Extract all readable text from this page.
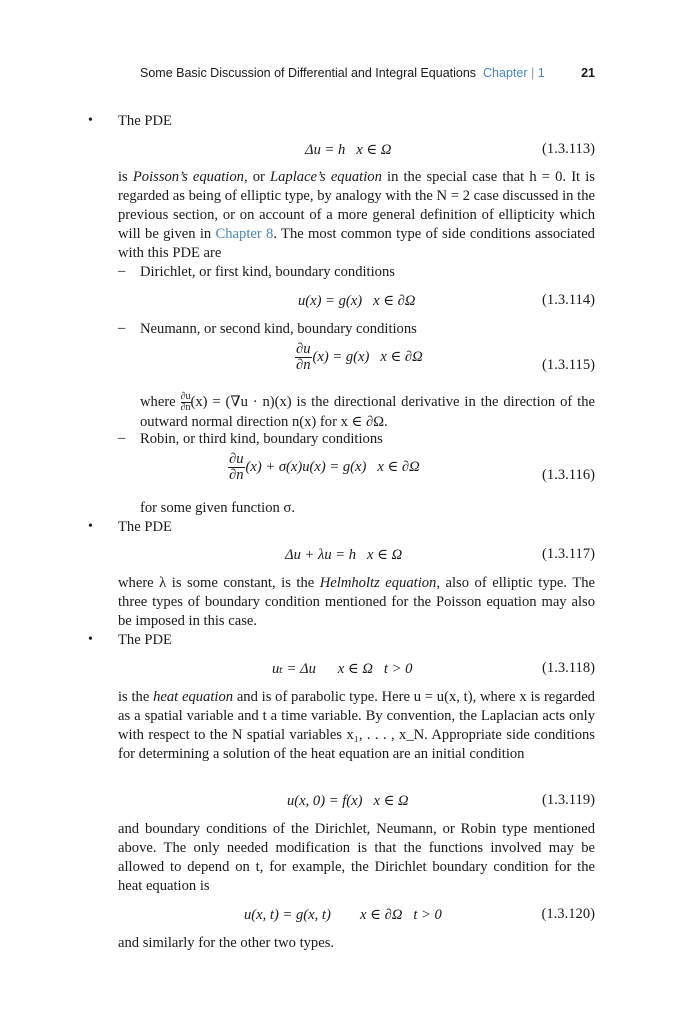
Some Basic Discussion of Differential and Integral Equations Chapter | 1	21
•	The PDE
Δu = h x ∈ Ω	(1.3.113)
is Poisson’s equation, or Laplace’s equation in the special case that h = 0. It is regarded as being of elliptic type, by analogy with the N = 2 case discussed in the previous section, or on account of a more general definition of ellipticity which will be given in Chapter 8. The most common type of side conditions associated with this PDE are
– Dirichlet, or first kind, boundary conditions
u(x) = g(x) x ∈ ∂Ω	(1.3.114)
– Neumann, or second kind, boundary conditions
$\frac{\partial u}{\partial n} (x) = g(x)$ x ∈ ∂Ω
(1.3.115)
where $\frac{\partial u}{\partial n} (x) = (\nabla u \cdot n)(x)$ is the directional derivative in the direction of the outward normal direction n(x) for x ∈ ∂Ω.
– Robin, or third kind, boundary conditions
$\frac{\partial u}{\partial n} (x) + \sigma(x)u(x) = g(x)$ x ∈ ∂Ω
(1.3.116)
for some given function σ.
•	The PDE
Δu + λu = h x ∈ Ω	(1.3.117)
where λ is some constant, is the Helmholtz equation, also of elliptic type. The three types of boundary condition mentioned for the Poisson equation may also be imposed in this case.
•	The PDE
uₜ = Δu x ∈ Ω t > 0	(1.3.118)
is the heat equation and is of parabolic type. Here u = u(x, t), where x is regarded as a spatial variable and t a time variable. By convention, the Laplacian acts only with respect to the N spatial variables x₁, . . . , x_N. Appropriate side conditions for determining a solution of the heat equation are an initial condition
u(x, 0) = f(x) x ∈ Ω	(1.3.119)
and boundary conditions of the Dirichlet, Neumann, or Robin type mentioned above. The only needed modification is that the functions involved may be allowed to depend on t, for example, the Dirichlet boundary condition for the heat equation is
u(x, t) = g(x, t) x ∈ ∂Ω t > 0	(1.3.120)
and similarly for the other two types.
